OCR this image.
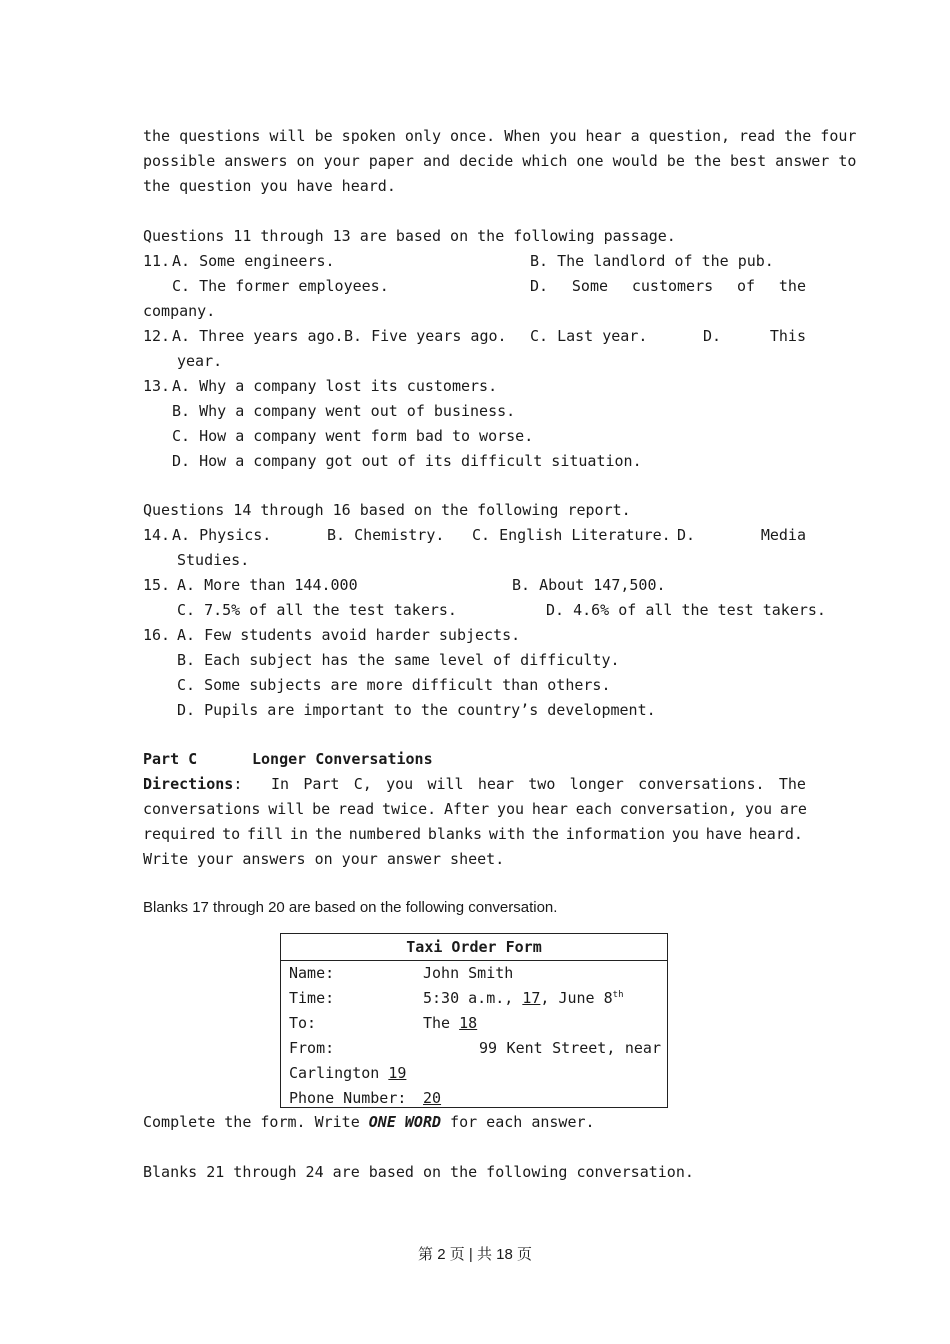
the questions will be spoken only once. When you hear a question, read the four
possible answers on your paper and decide which one would be the best answer to
the question you have heard.
Questions 11 through 13 are based on the following passage.
11. A. Some engineers.	B. The landlord of the pub.
C. The former employees.	D. Some customers of the
company.
12. A. Three years ago. B. Five years ago. C. Last year.	D.	This
year.
13. A. Why a company lost its customers.
B. Why a company went out of business.
C. How a company went form bad to worse.
D. How a company got out of its difficult situation.
Questions 14 through 16 based on the following report.
14. A. Physics.	B. Chemistry. C. English Literature. D.	Media
Studies.
15. A. More than 144.000	B. About 147,500.
C. 7.5% of all the test takers.	D. 4.6% of all the test takers.
16. A. Few students avoid harder subjects.
B. Each subject has the same level of difficulty.
C. Some subjects are more difficult than others.
D. Pupils are important to the country’s development.
Part C	Longer Conversations
Directions: In Part C, you will hear two longer conversations. The
conversations will be read twice. After you hear each conversation, you are
required to fill in the numbered blanks with the information you have heard.
Write your answers on your answer sheet.
Blanks 17 through 20 are based on the following conversation.
Taxi Order Form
Name:	John Smith
Time:	5:30 a.m., 17, June 8th
To:	The 18
From:	99 Kent Street, near
Carlington 19
Phone Number: 20
Complete the form. Write ONE WORD for each answer.
Blanks 21 through 24 are based on the following conversation.
第 2 页 | 共 18 页
